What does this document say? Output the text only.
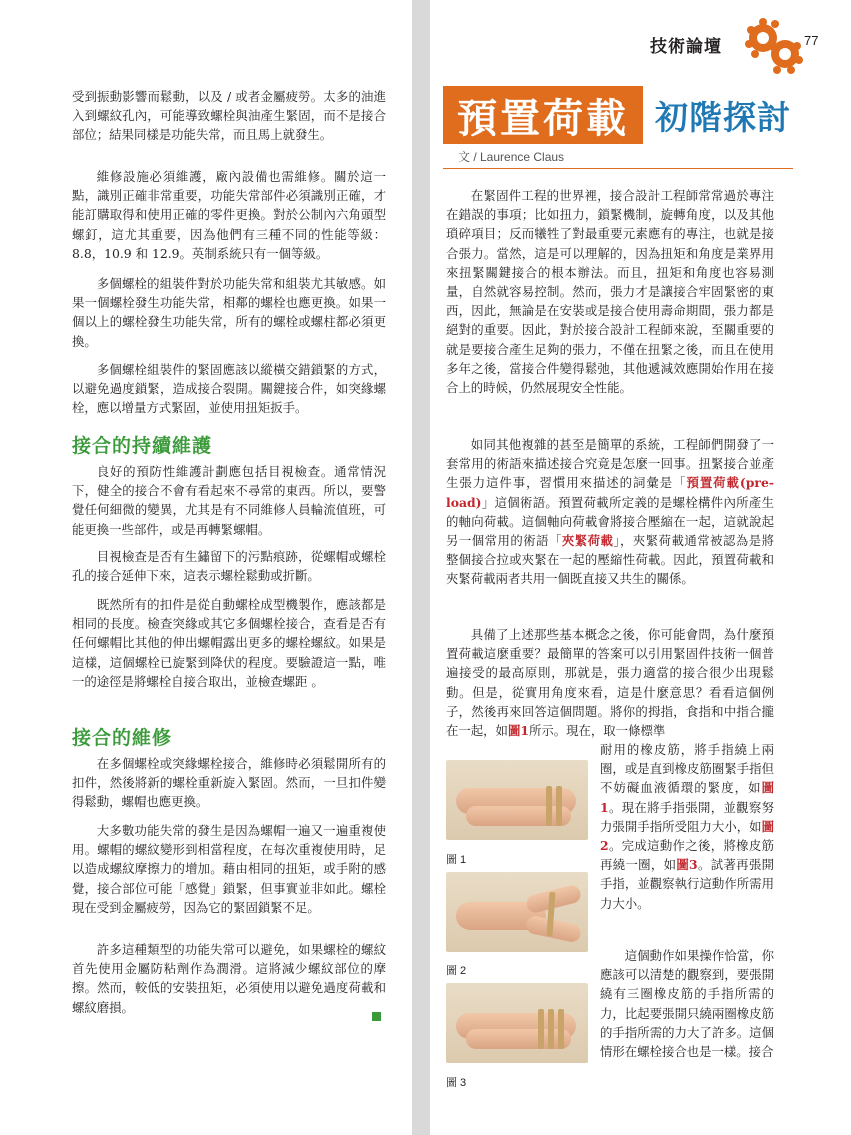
技術論壇	77
預置荷載 初階探討
文 / Laurence Claus

受到振動影響而鬆動，以及 / 或者金屬疲勞。太多的油進入到螺紋孔內，可能導致螺栓與油產生緊固，而不是接合部位；結果同樣是功能失常，而且馬上就發生。

維修設施必須維護，廠內設備也需維修。關於這一點，識別正確非常重要，功能失常部件必須識別正確，才能訂購取得和使用正確的零件更換。對於公制內六角頭型螺釘，這尤其重要，因為他們有三種不同的性能等級：8.8，10.9 和 12.9。英制系統只有一個等級。

多個螺栓的組裝件對於功能失常和組裝尤其敏感。如果一個螺栓發生功能失常，相鄰的螺栓也應更換。如果一個以上的螺栓發生功能失常，所有的螺栓或螺柱都必須更換。

多個螺栓組裝件的緊固應該以縱橫交錯鎖緊的方式，以避免過度鎖緊，造成接合裂開。關鍵接合件，如突緣螺栓，應以增量方式緊固，並使用扭矩扳手。

接合的持續維護

良好的預防性維護計劃應包括目視檢查。通常情況下，健全的接合不會有看起來不尋常的東西。所以，要警覺任何細微的變異，尤其是有不同維修人員輪流值班，可能更換一些部件，或是再轉緊螺帽。

目視檢查是否有生鏽留下的污點痕跡，從螺帽或螺栓孔的接合延伸下來，這表示螺栓鬆動或折斷。

既然所有的扣件是從自動螺栓成型機製作，應該都是相同的長度。檢查突緣或其它多個螺栓接合，查看是否有任何螺帽比其他的伸出螺帽露出更多的螺栓螺紋。如果是這樣，這個螺栓已旋緊到降伏的程度。要驗證這一點，唯一的途徑是將螺栓自接合取出，並檢查螺距 。

接合的維修

在多個螺栓或突緣螺栓接合，維修時必須鬆開所有的扣件，然後將新的螺栓重新旋入緊固。然而，一旦扣件變得鬆動，螺帽也應更換。

大多數功能失常的發生是因為螺帽一遍又一遍重複使用。螺帽的螺紋變形到相當程度，在每次重複使用時，足以造成螺紋摩擦力的增加。藉由相同的扭矩，或手附的感覺，接合部位可能「感覺」鎖緊，但事實並非如此。螺栓現在受到金屬疲勞，因為它的緊固鎖緊不足。

許多這種類型的功能失常可以避免，如果螺栓的螺紋首先使用金屬防粘劑作為潤滑。這將減少螺紋部位的摩擦。然而，較低的安裝扭矩，必須使用以避免過度荷載和螺紋磨損。

在緊固件工程的世界裡，接合設計工程師常常過於專注在錯誤的事項；比如扭力，鎖緊機制，旋轉角度，以及其他瑣碎項目；反而犧牲了對最重要元素應有的專注，也就是接合張力。當然，這是可以理解的，因為扭矩和角度是業界用來扭緊關鍵接合的根本辦法。而且，扭矩和角度也容易測量，自然就容易控制。然而，張力才是讓接合牢固緊密的東西，因此，無論是在安裝或是接合使用壽命期間，張力都是絕對的重要。因此，對於接合設計工程師來說，至關重要的就是要接合產生足夠的張力，不僅在扭緊之後，而且在使用多年之後，當接合件變得鬆弛，其他遞減效應開始作用在接合上的時候，仍然展現安全性能。

如同其他複雜的甚至是簡單的系統，工程師們開發了一套常用的術語來描述接合究竟是怎麼一回事。扭緊接合並產生張力這件事，習慣用來描述的詞彙是「預置荷載(pre-load)」這個術語。預置荷載所定義的是螺栓構件內所產生的軸向荷載。這個軸向荷載會將接合壓縮在一起，這就說起另一個常用的術語「夾緊荷載」，夾緊荷載通常被認為是將整個接合拉或夾緊在一起的壓縮性荷載。因此，預置荷載和夾緊荷載兩者共用一個既直接又共生的關係。

具備了上述那些基本概念之後，你可能會問，為什麼預置荷載這麼重要？最簡單的答案可以引用緊固件技術一個普遍接受的最高原則，那就是，張力適當的接合很少出現鬆動。但是，從實用角度來看，這是什麼意思？看看這個例子，然後再來回答這個問題。將你的拇指，食指和中指合攏在一起，如圖1所示。現在，取一條標準

耐用的橡皮筋，將手指繞上兩圈，或是直到橡皮筋圈緊手指但不妨礙血液循環的緊度，如圖1。現在將手指張開，並觀察努力張開手指所受阻力大小，如圖2。完成這動作之後，將橡皮筋再繞一圈，如圖3。試著再張開手指，並觀察執行這動作所需用力大小。

這個動作如果操作恰當，你應該可以清楚的觀察到，要張開繞有三圈橡皮筋的手指所需的力，比起要張開只繞兩圈橡皮筋的手指所需的力大了許多。這個情形在螺栓接合也是一樣。接合

圖 1
圖 2
圖 3
